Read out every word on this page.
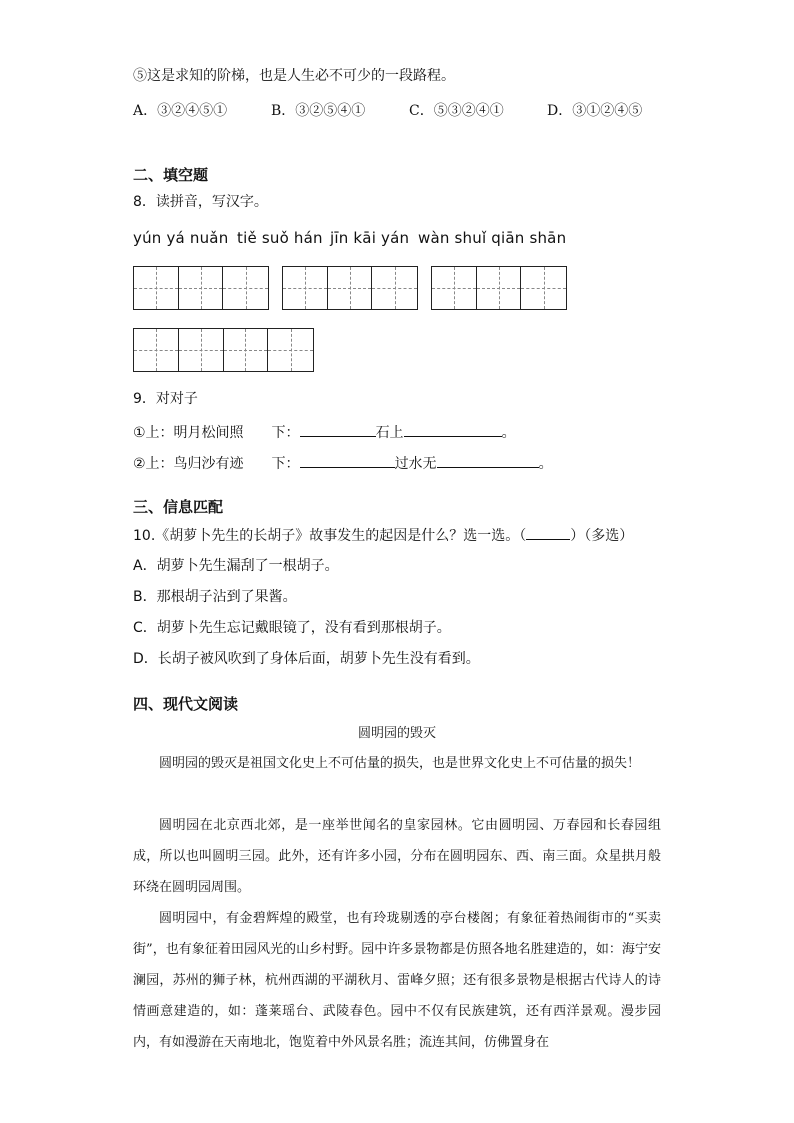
⑤这是求知的阶梯，也是人生必不可少的一段路程。
A．③②④⑤①	B．③②⑤④①	C．⑤③②④①	D．③①②④⑤
二、填空题
8．读拼音，写汉字。
yún yá nuǎn tiě suǒ hán jīn kāi yán wàn shuǐ qiān shān
9．对对子
①上：明月松间照　　下：	石上	。
②上：鸟归沙有迹　　下：	过水无	。
三、信息匹配
10.《胡萝卜先生的长胡子》故事发生的起因是什么？选一选。（	）（多选）
A．胡萝卜先生漏刮了一根胡子。
B．那根胡子沾到了果酱。
C．胡萝卜先生忘记戴眼镜了，没有看到那根胡子。
D．长胡子被风吹到了身体后面，胡萝卜先生没有看到。
四、现代文阅读
圆明园的毁灭
圆明园的毁灭是祖国文化史上不可估量的损失，也是世界文化史上不可估量的损失！
圆明园在北京西北郊，是一座举世闻名的皇家园林。它由圆明园、万春园和长春园组成，所以也叫圆明三园。此外，还有许多小园，分布在圆明园东、西、南三面。众星拱月般环绕在圆明园周围。
圆明园中，有金碧辉煌的殿堂，也有玲珑剔透的亭台楼阁；有象征着热闹街市的“买卖街”，也有象征着田园风光的山乡村野。园中许多景物都是仿照各地名胜建造的，如：海宁安澜园，苏州的狮子林，杭州西湖的平湖秋月、雷峰夕照；还有很多景物是根据古代诗人的诗情画意建造的，如：蓬莱瑶台、武陵春色。园中不仅有民族建筑，还有西洋景观。漫步园内，有如漫游在天南地北，饱览着中外风景名胜；流连其间，仿佛置身在
